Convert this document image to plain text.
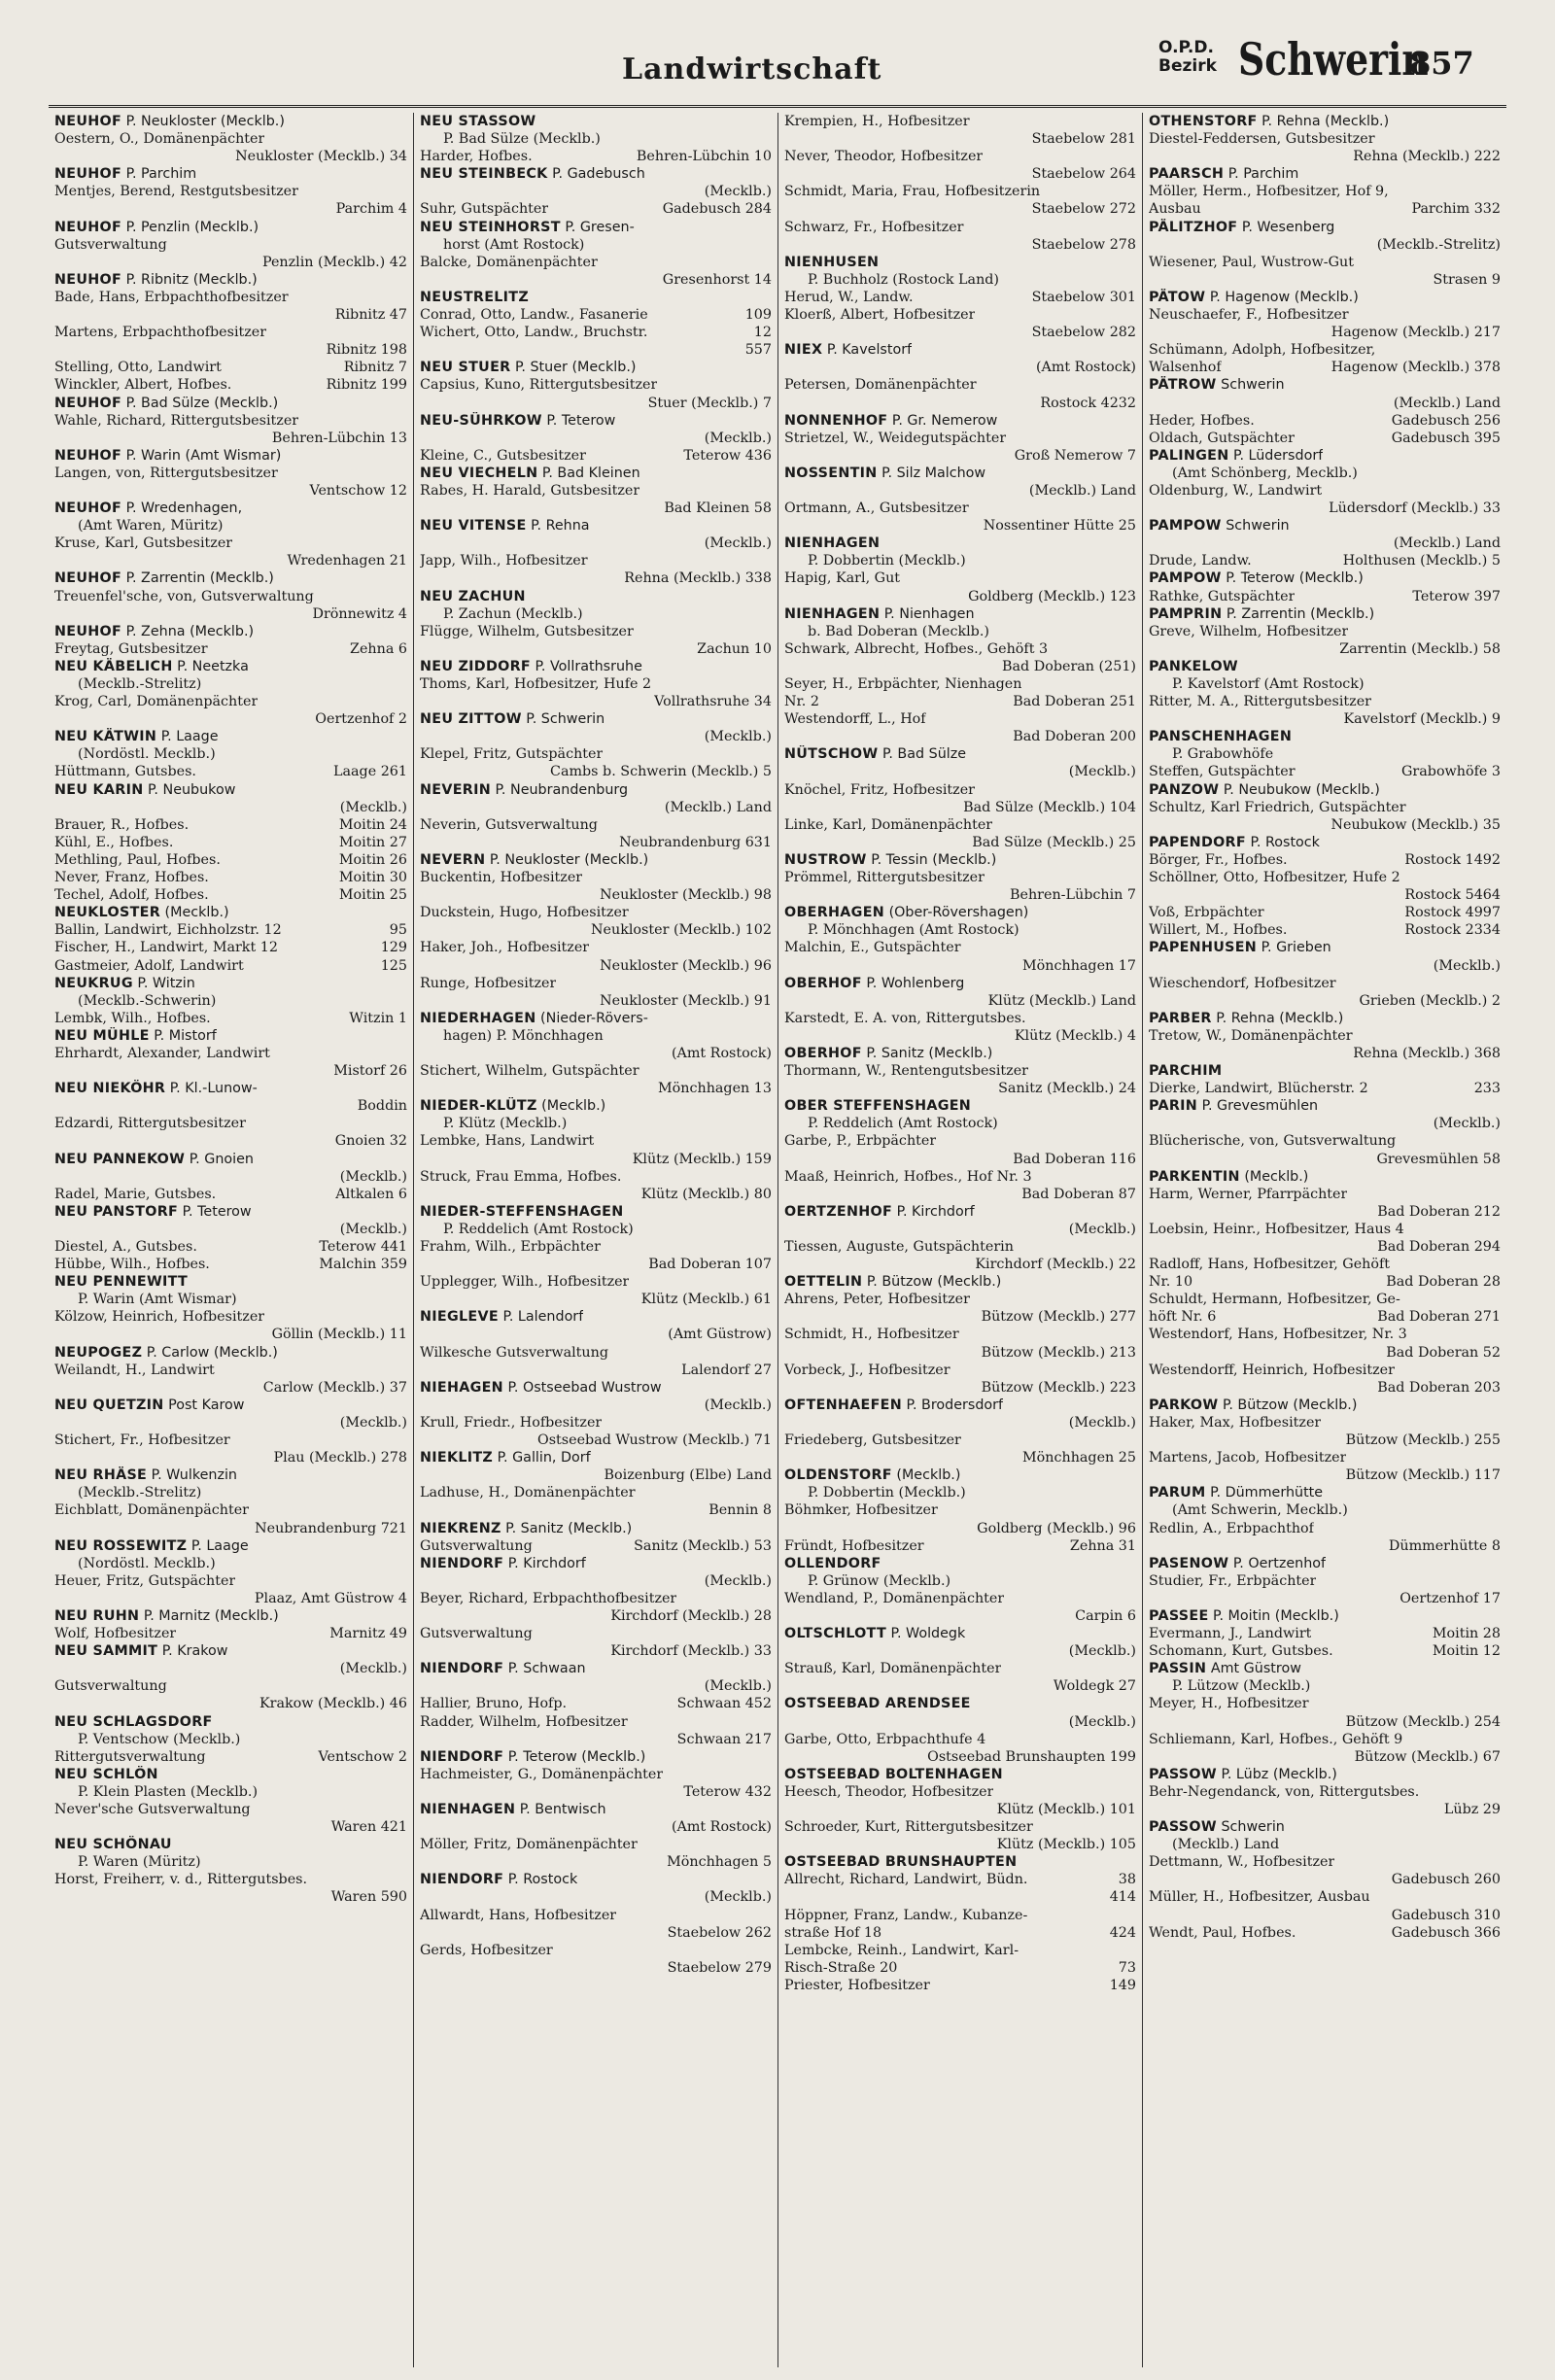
Landwirtschaft
O.P.D.
Bezirk Schwerin
857
NEUHOF P. Neukloster (Mecklb.)
Oestern, O., Domänenpächter
Neukloster (Mecklb.) 34
NEUHOF P. Parchim
Mentjes, Berend, Restgutsbesitzer
Parchim 4
NEUHOF P. Penzlin (Mecklb.)
Gutsverwaltung
Penzlin (Mecklb.) 42
NEUHOF P. Ribnitz (Mecklb.)
Bade, Hans, Erbpachthofbesitzer
Ribnitz 47
Martens, Erbpachthofbesitzer
Ribnitz 198
Stelling, Otto, Landwirt	Ribnitz 7
Winckler, Albert, Hofbes.	Ribnitz 199
NEUHOF P. Bad Sülze (Mecklb.)
Wahle, Richard, Rittergutsbesitzer
Behren-Lübchin 13
NEUHOF P. Warin (Amt Wismar)
Langen, von, Rittergutsbesitzer
Ventschow 12
NEUHOF P. Wredenhagen,
(Amt Waren, Müritz)
Kruse, Karl, Gutsbesitzer
Wredenhagen 21
NEUHOF P. Zarrentin (Mecklb.)
Treuenfel'sche, von, Gutsverwaltung
Drönnewitz 4
NEUHOF P. Zehna (Mecklb.)
Freytag, Gutsbesitzer	Zehna 6
NEU KÄBELICH P. Neetzka
(Mecklb.-Strelitz)
Krog, Carl, Domänenpächter
Oertzenhof 2
NEU KÄTWIN P. Laage
(Nordöstl. Mecklb.)
Hüttmann, Gutsbes.	Laage 261
NEU KARIN P. Neubukow
(Mecklb.)
Brauer, R., Hofbes.	Moitin 24
Kühl, E., Hofbes.	Moitin 27
Methling, Paul, Hofbes.	Moitin 26
Never, Franz, Hofbes.	Moitin 30
Techel, Adolf, Hofbes.	Moitin 25
NEUKLOSTER (Mecklb.)
Ballin, Landwirt, Eichholzstr. 12	95
Fischer, H., Landwirt, Markt 12	129
Gastmeier, Adolf, Landwirt	125
NEUKRUG P. Witzin
(Mecklb.-Schwerin)
Lembk, Wilh., Hofbes.	Witzin 1
NEU MÜHLE P. Mistorf
Ehrhardt, Alexander, Landwirt
Mistorf 26
NEU NIEKÖHR P. Kl.-Lunow-
Boddin
Edzardi, Rittergutsbesitzer
Gnoien 32
NEU PANNEKOW P. Gnoien
(Mecklb.)
Radel, Marie, Gutsbes.	Altkalen 6
NEU PANSTORF P. Teterow
(Mecklb.)
Diestel, A., Gutsbes.	Teterow 441
Hübbe, Wilh., Hofbes.	Malchin 359
NEU PENNEWITT
P. Warin (Amt Wismar)
Kölzow, Heinrich, Hofbesitzer
Göllin (Mecklb.) 11
NEUPOGEZ P. Carlow (Mecklb.)
Weilandt, H., Landwirt
Carlow (Mecklb.) 37
NEU QUETZIN Post Karow
(Mecklb.)
Stichert, Fr., Hofbesitzer
Plau (Mecklb.) 278
NEU RHÄSE P. Wulkenzin
(Mecklb.-Strelitz)
Eichblatt, Domänenpächter
Neubrandenburg 721
NEU ROSSEWITZ P. Laage
(Nordöstl. Mecklb.)
Heuer, Fritz, Gutspächter
Plaaz, Amt Güstrow 4
NEU RUHN P. Marnitz (Mecklb.)
Wolf, Hofbesitzer	Marnitz 49
NEU SAMMIT P. Krakow
(Mecklb.)
Gutsverwaltung
Krakow (Mecklb.) 46
NEU SCHLAGSDORF
P. Ventschow (Mecklb.)
Rittergutsverwaltung	Ventschow 2
NEU SCHLÖN
P. Klein Plasten (Mecklb.)
Never'sche Gutsverwaltung
Waren 421
NEU SCHÖNAU
P. Waren (Müritz)
Horst, Freiherr, v. d., Rittergutsbes.
Waren 590
NEU STASSOW
P. Bad Sülze (Mecklb.)
Harder, Hofbes.	Behren-Lübchin 10
NEU STEINBECK P. Gadebusch
(Mecklb.)
Suhr, Gutspächter	Gadebusch 284
NEU STEINHORST P. Gresen-
horst (Amt Rostock)
Balcke, Domänenpächter
Gresenhorst 14
NEUSTRELITZ
Conrad, Otto, Landw., Fasanerie	109
Wichert, Otto, Landw., Bruchstr.	12
557
NEU STUER P. Stuer (Mecklb.)
Capsius, Kuno, Rittergutsbesitzer
Stuer (Mecklb.) 7
NEU-SÜHRKOW P. Teterow
(Mecklb.)
Kleine, C., Gutsbesitzer	Teterow 436
NEU VIECHELN P. Bad Kleinen
Rabes, H. Harald, Gutsbesitzer
Bad Kleinen 58
NEU VITENSE P. Rehna
(Mecklb.)
Japp, Wilh., Hofbesitzer
Rehna (Mecklb.) 338
NEU ZACHUN
P. Zachun (Mecklb.)
Flügge, Wilhelm, Gutsbesitzer
Zachun 10
NEU ZIDDORF P. Vollrathsruhe
Thoms, Karl, Hofbesitzer, Hufe 2
Vollrathsruhe 34
NEU ZITTOW P. Schwerin
(Mecklb.)
Klepel, Fritz, Gutspächter
Cambs b. Schwerin (Mecklb.) 5
NEVERIN P. Neubrandenburg
(Mecklb.) Land
Neverin, Gutsverwaltung
Neubrandenburg 631
NEVERN P. Neukloster (Mecklb.)
Buckentin, Hofbesitzer
Neukloster (Mecklb.) 98
Duckstein, Hugo, Hofbesitzer
Neukloster (Mecklb.) 102
Haker, Joh., Hofbesitzer
Neukloster (Mecklb.) 96
Runge, Hofbesitzer
Neukloster (Mecklb.) 91
NIEDERHAGEN (Nieder-Rövers-
hagen) P. Mönchhagen
(Amt Rostock)
Stichert, Wilhelm, Gutspächter
Mönchhagen 13
NIEDER-KLÜTZ (Mecklb.)
P. Klütz (Mecklb.)
Lembke, Hans, Landwirt
Klütz (Mecklb.) 159
Struck, Frau Emma, Hofbes.
Klütz (Mecklb.) 80
NIEDER-STEFFENSHAGEN
P. Reddelich (Amt Rostock)
Frahm, Wilh., Erbpächter
Bad Doberan 107
Upplegger, Wilh., Hofbesitzer
Klütz (Mecklb.) 61
NIEGLEVE P. Lalendorf
(Amt Güstrow)
Wilkesche Gutsverwaltung
Lalendorf 27
NIEHAGEN P. Ostseebad Wustrow
(Mecklb.)
Krull, Friedr., Hofbesitzer
Ostseebad Wustrow (Mecklb.) 71
NIEKLITZ P. Gallin, Dorf
Boizenburg (Elbe) Land
Ladhuse, H., Domänenpächter
Bennin 8
NIEKRENZ P. Sanitz (Mecklb.)
Gutsverwaltung	Sanitz (Mecklb.) 53
NIENDORF P. Kirchdorf
(Mecklb.)
Beyer, Richard, Erbpachthofbesitzer
Kirchdorf (Mecklb.) 28
Gutsverwaltung
Kirchdorf (Mecklb.) 33
NIENDORF P. Schwaan
(Mecklb.)
Hallier, Bruno, Hofp.	Schwaan 452
Radder, Wilhelm, Hofbesitzer
Schwaan 217
NIENDORF P. Teterow (Mecklb.)
Hachmeister, G., Domänenpächter
Teterow 432
NIENHAGEN P. Bentwisch
(Amt Rostock)
Möller, Fritz, Domänenpächter
Mönchhagen 5
NIENDORF P. Rostock
(Mecklb.)
Allwardt, Hans, Hofbesitzer
Staebelow 262
Gerds, Hofbesitzer
Staebelow 279
Krempien, H., Hofbesitzer
Staebelow 281
Never, Theodor, Hofbesitzer
Staebelow 264
Schmidt, Maria, Frau, Hofbesitzerin
Staebelow 272
Schwarz, Fr., Hofbesitzer
Staebelow 278
NIENHUSEN
P. Buchholz (Rostock Land)
Herud, W., Landw.	Staebelow 301
Kloerß, Albert, Hofbesitzer
Staebelow 282
NIEX P. Kavelstorf
(Amt Rostock)
Petersen, Domänenpächter
Rostock 4232
NONNENHOF P. Gr. Nemerow
Strietzel, W., Weidegutspächter
Groß Nemerow 7
NOSSENTIN P. Silz Malchow
(Mecklb.) Land
Ortmann, A., Gutsbesitzer
Nossentiner Hütte 25
NIENHAGEN
P. Dobbertin (Mecklb.)
Hapig, Karl, Gut
Goldberg (Mecklb.) 123
NIENHAGEN P. Nienhagen
b. Bad Doberan (Mecklb.)
Schwark, Albrecht, Hofbes., Gehöft 3
Bad Doberan (251)
Seyer, H., Erbpächter, Nienhagen
Nr. 2	Bad Doberan 251
Westendorff, L., Hof
Bad Doberan 200
NÜTSCHOW P. Bad Sülze
(Mecklb.)
Knöchel, Fritz, Hofbesitzer
Bad Sülze (Mecklb.) 104
Linke, Karl, Domänenpächter
Bad Sülze (Mecklb.) 25
NUSTROW P. Tessin (Mecklb.)
Prömmel, Rittergutsbesitzer
Behren-Lübchin 7
OBERHAGEN (Ober-Rövershagen)
P. Mönchhagen (Amt Rostock)
Malchin, E., Gutspächter
Mönchhagen 17
OBERHOF P. Wohlenberg
Klütz (Mecklb.) Land
Karstedt, E. A. von, Rittergutsbes.
Klütz (Mecklb.) 4
OBERHOF P. Sanitz (Mecklb.)
Thormann, W., Rentengutsbesitzer
Sanitz (Mecklb.) 24
OBER STEFFENSHAGEN
P. Reddelich (Amt Rostock)
Garbe, P., Erbpächter
Bad Doberan 116
Maaß, Heinrich, Hofbes., Hof Nr. 3
Bad Doberan 87
OERTZENHOF P. Kirchdorf
(Mecklb.)
Tiessen, Auguste, Gutspächterin
Kirchdorf (Mecklb.) 22
OETTELIN P. Bützow (Mecklb.)
Ahrens, Peter, Hofbesitzer
Bützow (Mecklb.) 277
Schmidt, H., Hofbesitzer
Bützow (Mecklb.) 213
Vorbeck, J., Hofbesitzer
Bützow (Mecklb.) 223
OFTENHAEFEN P. Brodersdorf
(Mecklb.)
Friedeberg, Gutsbesitzer
Mönchhagen 25
OLDENSTORF (Mecklb.)
P. Dobbertin (Mecklb.)
Böhmker, Hofbesitzer
Goldberg (Mecklb.) 96
Fründt, Hofbesitzer	Zehna 31
OLLENDORF
P. Grünow (Mecklb.)
Wendland, P., Domänenpächter
Carpin 6
OLTSCHLOTT P. Woldegk
(Mecklb.)
Strauß, Karl, Domänenpächter
Woldegk 27
OSTSEEBAD ARENDSEE
(Mecklb.)
Garbe, Otto, Erbpachthufe 4
Ostseebad Brunshaupten 199
OSTSEEBAD BOLTENHAGEN
Heesch, Theodor, Hofbesitzer
Klütz (Mecklb.) 101
Schroeder, Kurt, Rittergutsbesitzer
Klütz (Mecklb.) 105
OSTSEEBAD BRUNSHAUPTEN
Allrecht, Richard, Landwirt, Büdn.	38
414
Höppner, Franz, Landw., Kubanze-
straße Hof 18	424
Lembcke, Reinh., Landwirt, Karl-
Risch-Straße 20	73
Priester, Hofbesitzer	149
OTHENSTORF P. Rehna (Mecklb.)
Diestel-Feddersen, Gutsbesitzer
Rehna (Mecklb.) 222
PAARSCH P. Parchim
Möller, Herm., Hofbesitzer, Hof 9,
Ausbau	Parchim 332
PÄLITZHOF P. Wesenberg
(Mecklb.-Strelitz)
Wiesener, Paul, Wustrow-Gut
Strasen 9
PÄTOW P. Hagenow (Mecklb.)
Neuschaefer, F., Hofbesitzer
Hagenow (Mecklb.) 217
Schümann, Adolph, Hofbesitzer,
Walsenhof	Hagenow (Mecklb.) 378
PÄTROW Schwerin
(Mecklb.) Land
Heder, Hofbes.	Gadebusch 256
Oldach, Gutspächter	Gadebusch 395
PALINGEN P. Lüdersdorf
(Amt Schönberg, Mecklb.)
Oldenburg, W., Landwirt
Lüdersdorf (Mecklb.) 33
PAMPOW Schwerin
(Mecklb.) Land
Drude, Landw.	Holthusen (Mecklb.) 5
PAMPOW P. Teterow (Mecklb.)
Rathke, Gutspächter	Teterow 397
PAMPRIN P. Zarrentin (Mecklb.)
Greve, Wilhelm, Hofbesitzer
Zarrentin (Mecklb.) 58
PANKELOW
P. Kavelstorf (Amt Rostock)
Ritter, M. A., Rittergutsbesitzer
Kavelstorf (Mecklb.) 9
PANSCHENHAGEN
P. Grabowhöfe
Steffen, Gutspächter	Grabowhöfe 3
PANZOW P. Neubukow (Mecklb.)
Schultz, Karl Friedrich, Gutspächter
Neubukow (Mecklb.) 35
PAPENDORF P. Rostock
Börger, Fr., Hofbes.	Rostock 1492
Schöllner, Otto, Hofbesitzer, Hufe 2
Rostock 5464
Voß, Erbpächter	Rostock 4997
Willert, M., Hofbes.	Rostock 2334
PAPENHUSEN P. Grieben
(Mecklb.)
Wieschendorf, Hofbesitzer
Grieben (Mecklb.) 2
PARBER P. Rehna (Mecklb.)
Tretow, W., Domänenpächter
Rehna (Mecklb.) 368
PARCHIM
Dierke, Landwirt, Blücherstr. 2	233
PARIN P. Grevesmühlen
(Mecklb.)
Blücherische, von, Gutsverwaltung
Grevesmühlen 58
PARKENTIN (Mecklb.)
Harm, Werner, Pfarrpächter
Bad Doberan 212
Loebsin, Heinr., Hofbesitzer, Haus 4
Bad Doberan 294
Radloff, Hans, Hofbesitzer, Gehöft
Nr. 10	Bad Doberan 28
Schuldt, Hermann, Hofbesitzer, Ge-
höft Nr. 6	Bad Doberan 271
Westendorf, Hans, Hofbesitzer, Nr. 3
Bad Doberan 52
Westendorff, Heinrich, Hofbesitzer
Bad Doberan 203
PARKOW P. Bützow (Mecklb.)
Haker, Max, Hofbesitzer
Bützow (Mecklb.) 255
Martens, Jacob, Hofbesitzer
Bützow (Mecklb.) 117
PARUM P. Dümmerhütte
(Amt Schwerin, Mecklb.)
Redlin, A., Erbpachthof
Dümmerhütte 8
PASENOW P. Oertzenhof
Studier, Fr., Erbpächter
Oertzenhof 17
PASSEE P. Moitin (Mecklb.)
Evermann, J., Landwirt	Moitin 28
Schomann, Kurt, Gutsbes.	Moitin 12
PASSIN Amt Güstrow
P. Lützow (Mecklb.)
Meyer, H., Hofbesitzer
Bützow (Mecklb.) 254
Schliemann, Karl, Hofbes., Gehöft 9
Bützow (Mecklb.) 67
PASSOW P. Lübz (Mecklb.)
Behr-Negendanck, von, Rittergutsbes.
Lübz 29
PASSOW Schwerin
(Mecklb.) Land
Dettmann, W., Hofbesitzer
Gadebusch 260
Müller, H., Hofbesitzer, Ausbau
Gadebusch 310
Wendt, Paul, Hofbes.	Gadebusch 366
